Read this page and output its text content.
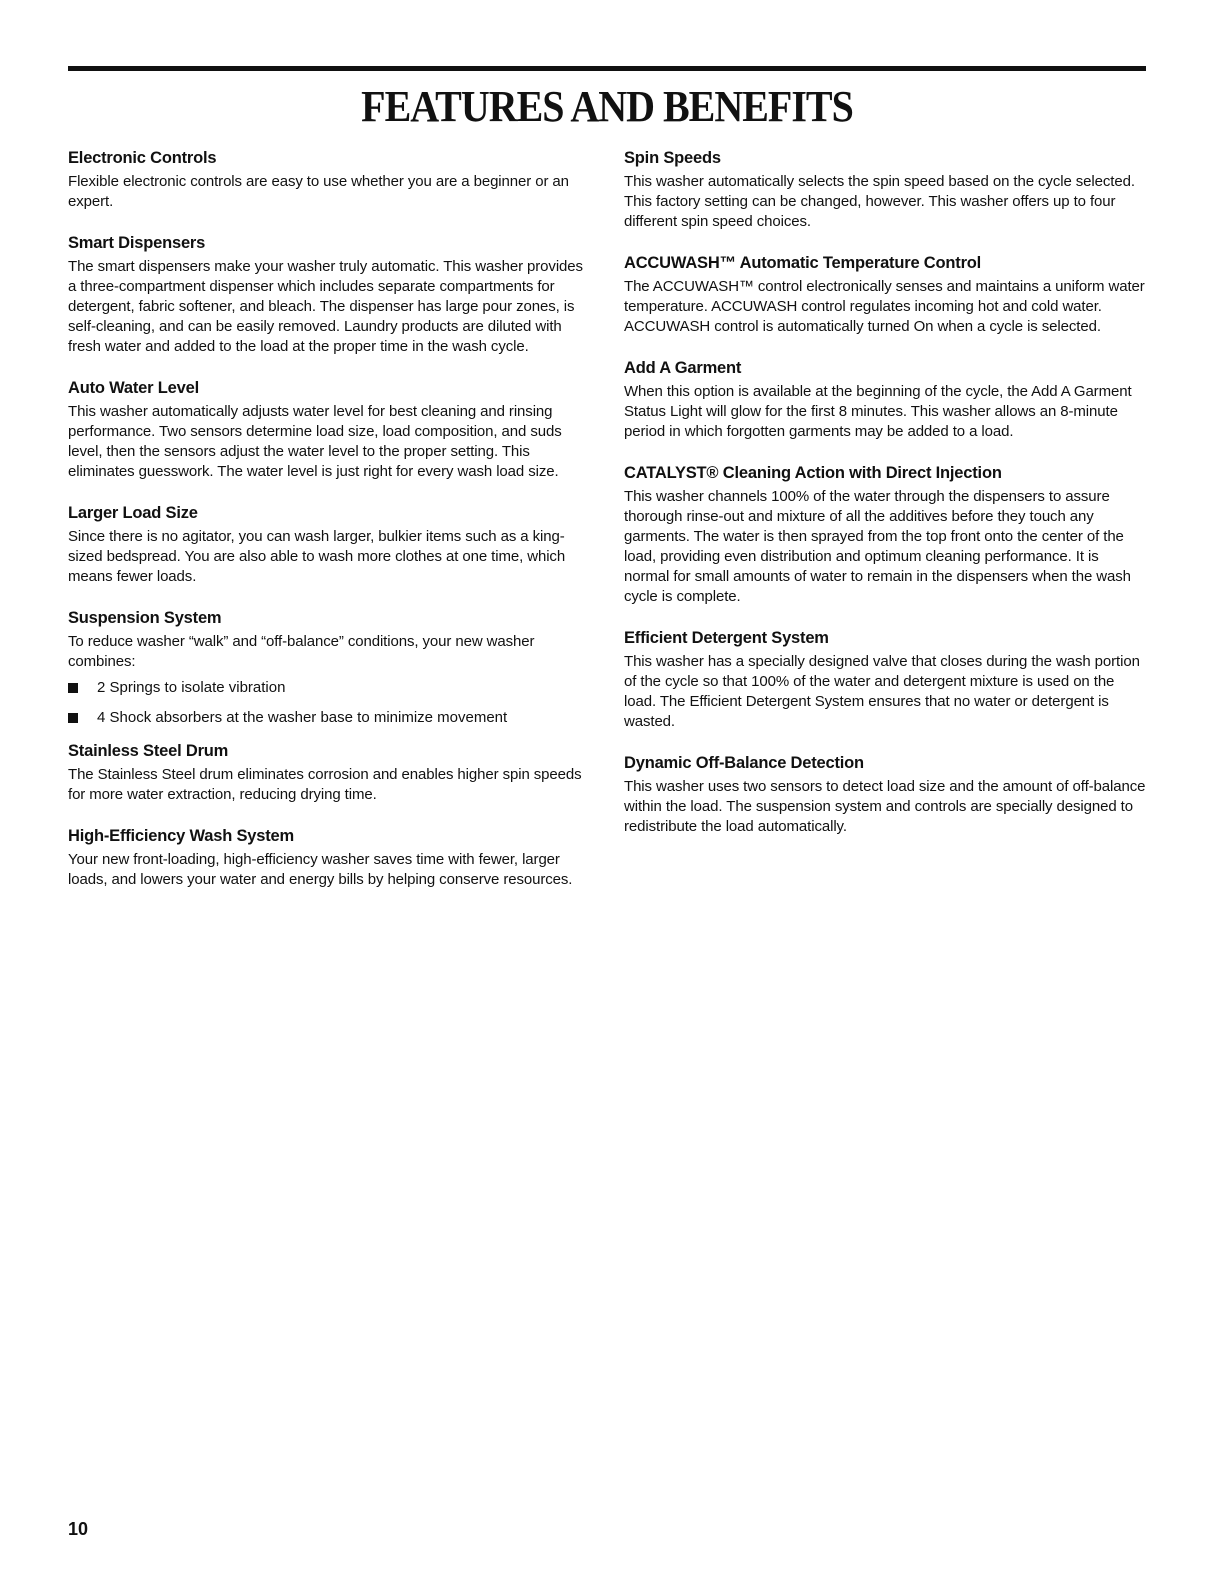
FEATURES AND BENEFITS
Electronic Controls

Flexible electronic controls are easy to use whether you are a beginner or an expert.

Smart Dispensers

The smart dispensers make your washer truly automatic. This washer provides a three-compartment dispenser which includes separate compartments for detergent, fabric softener, and bleach. The dispenser has large pour zones, is self-cleaning, and can be easily removed. Laundry products are diluted with fresh water and added to the load at the proper time in the wash cycle.

Auto Water Level

This washer automatically adjusts water level for best cleaning and rinsing performance. Two sensors determine load size, load composition, and suds level, then the sensors adjust the water level to the proper setting. This eliminates guesswork. The water level is just right for every wash load size.

Larger Load Size

Since there is no agitator, you can wash larger, bulkier items such as a king-sized bedspread. You are also able to wash more clothes at one time, which means fewer loads.

Suspension System

To reduce washer “walk” and “off-balance” conditions, your new washer combines:

2 Springs to isolate vibration
4 Shock absorbers at the washer base to minimize movement
Stainless Steel Drum

The Stainless Steel drum eliminates corrosion and enables higher spin speeds for more water extraction, reducing drying time.

High-Efficiency Wash System

Your new front-loading, high-efficiency washer saves time with fewer, larger loads, and lowers your water and energy bills by helping conserve resources.

Spin Speeds

This washer automatically selects the spin speed based on the cycle selected. This factory setting can be changed, however. This washer offers up to four different spin speed choices.

ACCUWASH™ Automatic Temperature Control

The ACCUWASH™ control electronically senses and maintains a uniform water temperature. ACCUWASH control regulates incoming hot and cold water. ACCUWASH control is automatically turned On when a cycle is selected.

Add A Garment

When this option is available at the beginning of the cycle, the Add A Garment Status Light will glow for the first 8 minutes. This washer allows an 8-minute period in which forgotten garments may be added to a load.

CATALYST® Cleaning Action with Direct Injection

This washer channels 100% of the water through the dispensers to assure thorough rinse-out and mixture of all the additives before they touch any garments. The water is then sprayed from the top front onto the center of the load, providing even distribution and optimum cleaning performance. It is normal for small amounts of water to remain in the dispensers when the wash cycle is complete.

Efficient Detergent System

This washer has a specially designed valve that closes during the wash portion of the cycle so that 100% of the water and detergent mixture is used on the load. The Efficient Detergent System ensures that no water or detergent is wasted.

Dynamic Off-Balance Detection

This washer uses two sensors to detect load size and the amount of off-balance within the load. The suspension system and controls are specially designed to redistribute the load automatically.

10
